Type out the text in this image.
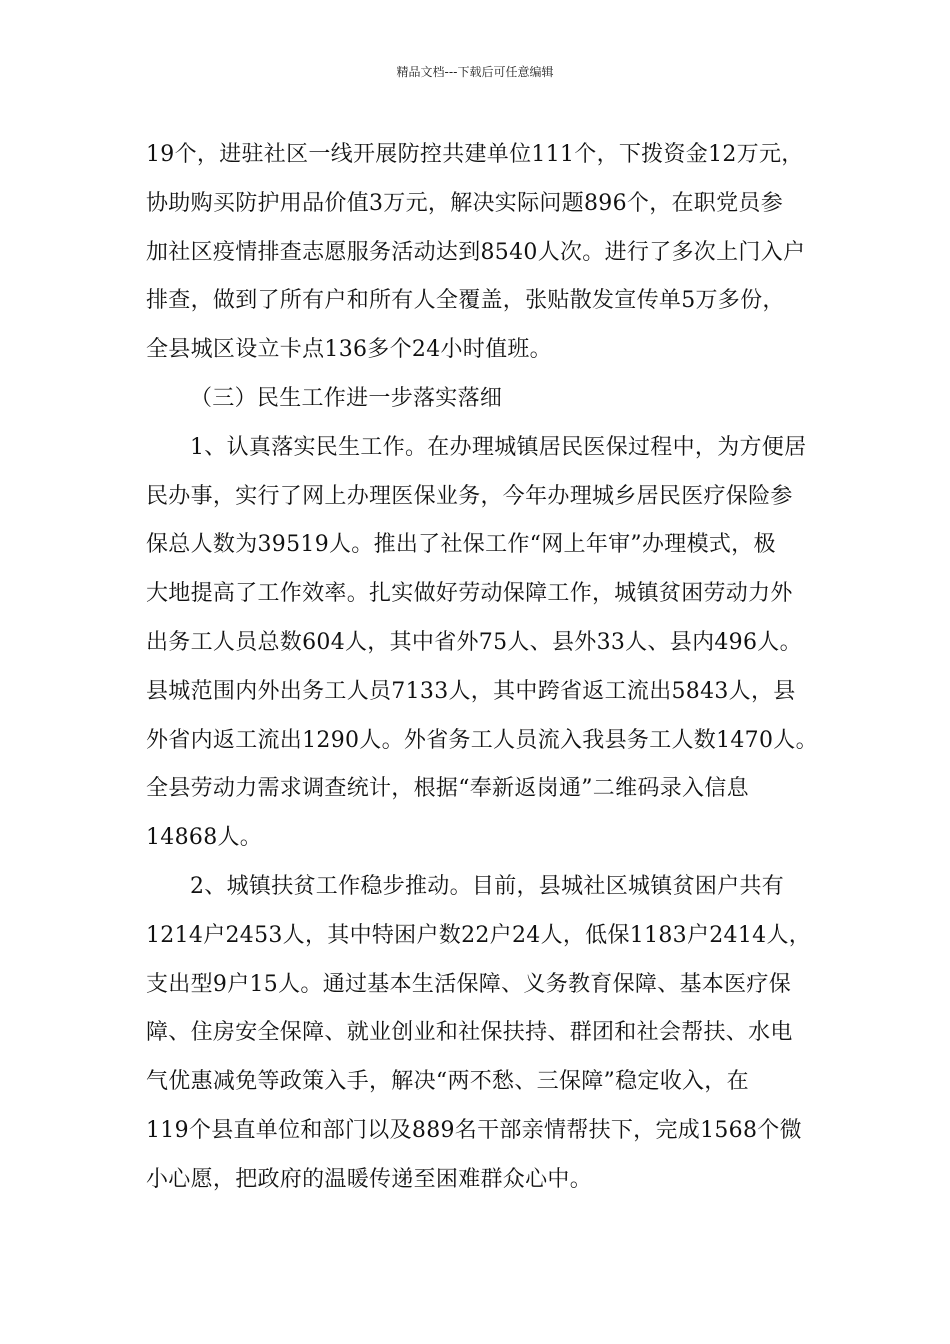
精品文档---下载后可任意编辑
19个，进驻社区一线开展防控共建单位111个，下拨资金12万元，
协助购买防护用品价值3万元，解决实际问题896个，在职党员参
加社区疫情排查志愿服务活动达到8540人次。进行了多次上门入户
排查，做到了所有户和所有人全覆盖，张贴散发宣传单5万多份，
全县城区设立卡点136多个24小时值班。
（三）民生工作进一步落实落细
1、认真落实民生工作。在办理城镇居民医保过程中，为方便居
民办事，实行了网上办理医保业务，今年办理城乡居民医疗保险参
保总人数为39519人。推出了社保工作“网上年审”办理模式，极
大地提高了工作效率。扎实做好劳动保障工作，城镇贫困劳动力外
出务工人员总数604人，其中省外75人、县外33人、县内496人。
县城范围内外出务工人员7133人，其中跨省返工流出5843人，县
外省内返工流出1290人。外省务工人员流入我县务工人数1470人。
全县劳动力需求调查统计，根据“奉新返岗通”二维码录入信息
14868人。
2、城镇扶贫工作稳步推动。目前，县城社区城镇贫困户共有
1214户2453人，其中特困户数22户24人，低保1183户2414人，
支出型9户15人。通过基本生活保障、义务教育保障、基本医疗保
障、住房安全保障、就业创业和社保扶持、群团和社会帮扶、水电
气优惠减免等政策入手，解决“两不愁、三保障”稳定收入，在
119个县直单位和部门以及889名干部亲情帮扶下，完成1568个微
小心愿，把政府的温暖传递至困难群众心中。
